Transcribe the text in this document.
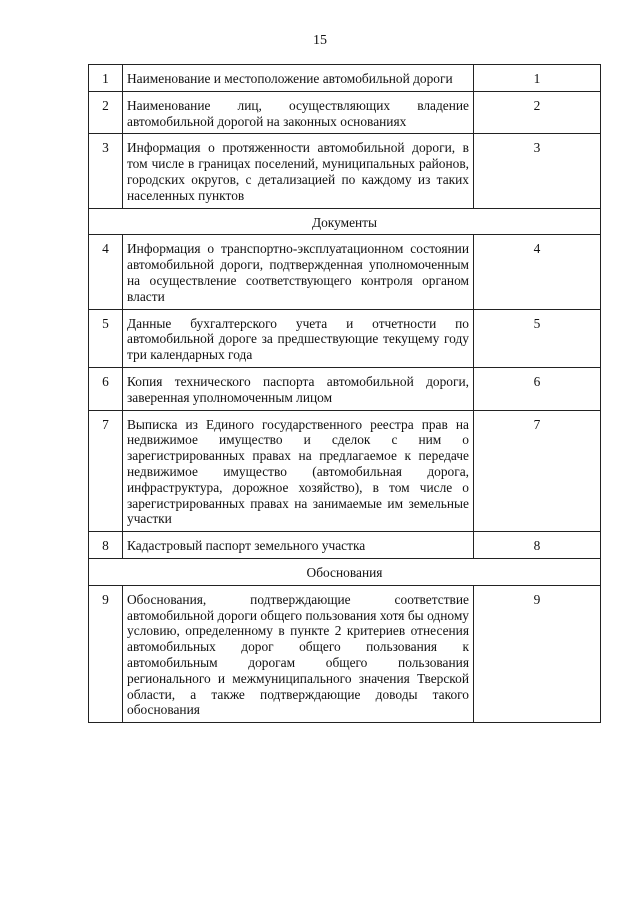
15
1	Наименование и местоположение автомобильной дороги	1
2	Наименование лиц, осуществляющих владение автомобильной дорогой на законных основаниях	2
3	Информация о протяженности автомобильной дороги, в том числе в границах поселений, муниципальных районов, городских округов, с детализацией по каждому из таких населенных пунктов	3
Документы		
4	Информация о транспортно-эксплуатационном состоянии автомобильной дороги, подтвержденная уполномоченным на осуществление соответствующего контроля органом власти	4
5	Данные бухгалтерского учета и отчетности по автомобильной дороге за предшествующие текущему году три календарных года	5
6	Копия технического паспорта автомобильной дороги, заверенная уполномоченным лицом	6
7	Выписка из Единого государственного реестра прав на недвижимое имущество и сделок с ним о зарегистрированных правах на предлагаемое к передаче недвижимое имущество (автомобильная дорога, инфраструктура, дорожное хозяйство), в том числе о зарегистрированных правах на занимаемые им земельные участки	7
8	Кадастровый паспорт земельного участка	8
Обоснования		
9	Обоснования, подтверждающие соответствие автомобильной дороги общего пользования хотя бы одному условию, определенному в пункте 2 критериев отнесения автомобильных дорог общего пользования к автомобильным дорогам общего пользования регионального и межмуниципального значения Тверской области, а также подтверждающие доводы такого обоснования	9
